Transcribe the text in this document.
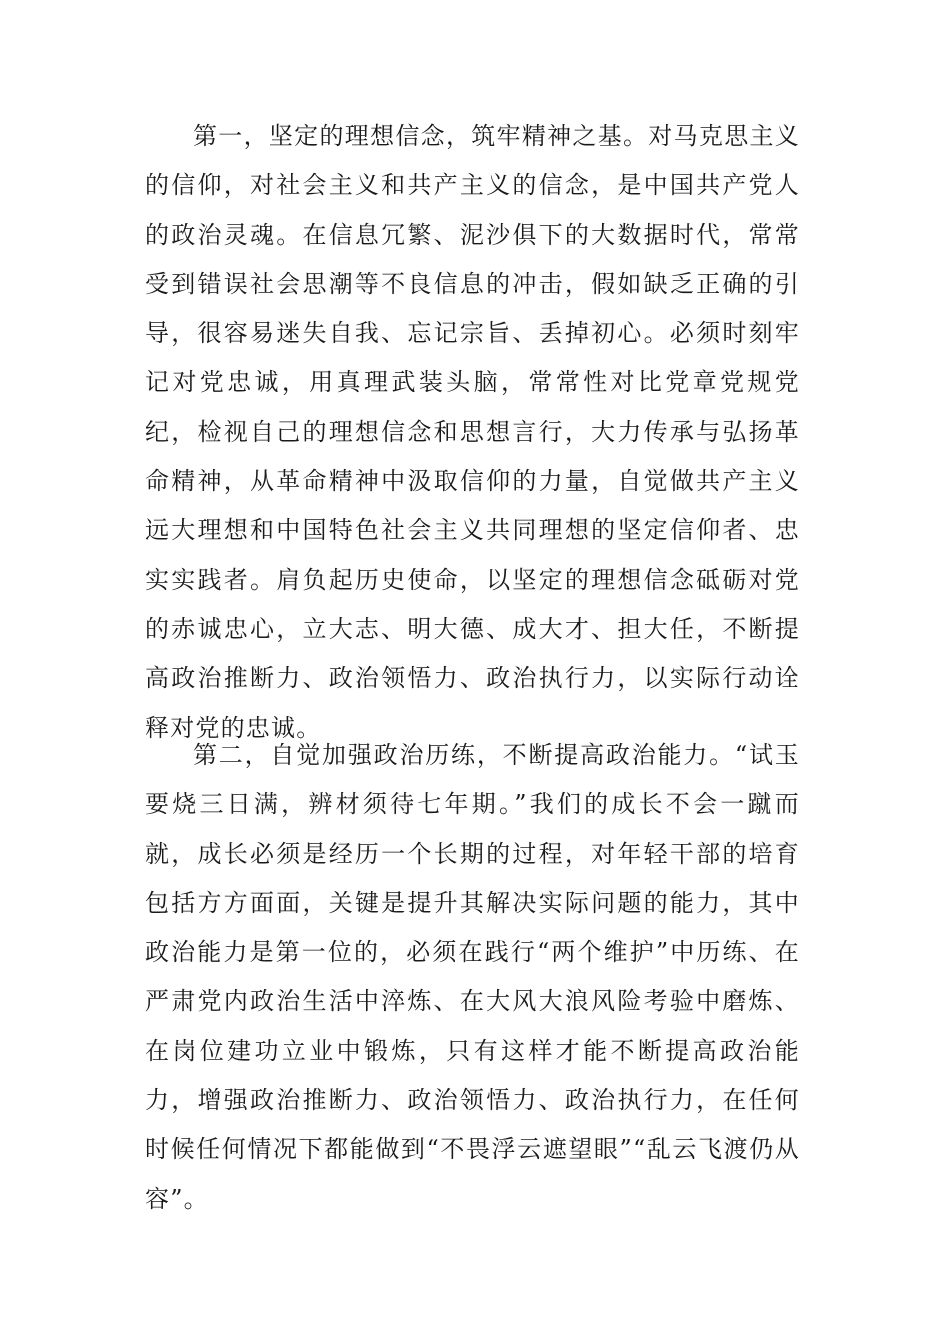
第一，坚定的理想信念，筑牢精神之基。对马克思主义的信仰，对社会主义和共产主义的信念，是中国共产党人的政治灵魂。在信息冗繁、泥沙俱下的大数据时代，常常受到错误社会思潮等不良信息的冲击，假如缺乏正确的引导，很容易迷失自我、忘记宗旨、丢掉初心。必须时刻牢记对党忠诚，用真理武装头脑，常常性对比党章党规党纪，检视自己的理想信念和思想言行，大力传承与弘扬革命精神，从革命精神中汲取信仰的力量，自觉做共产主义远大理想和中国特色社会主义共同理想的坚定信仰者、忠实实践者。肩负起历史使命，以坚定的理想信念砥砺对党的赤诚忠心，立大志、明大德、成大才、担大任，不断提高政治推断力、政治领悟力、政治执行力，以实际行动诠释对党的忠诚。

第二，自觉加强政治历练，不断提高政治能力。“试玉要烧三日满，辨材须待七年期。”我们的成长不会一蹴而就，成长必须是经历一个长期的过程，对年轻干部的培育包括方方面面，关键是提升其解决实际问题的能力，其中政治能力是第一位的，必须在践行“两个维护”中历练、在严肃党内政治生活中淬炼、在大风大浪风险考验中磨炼、在岗位建功立业中锻炼，只有这样才能不断提高政治能力，增强政治推断力、政治领悟力、政治执行力，在任何时候任何情况下都能做到“不畏浮云遮望眼”“乱云飞渡仍从容”。
